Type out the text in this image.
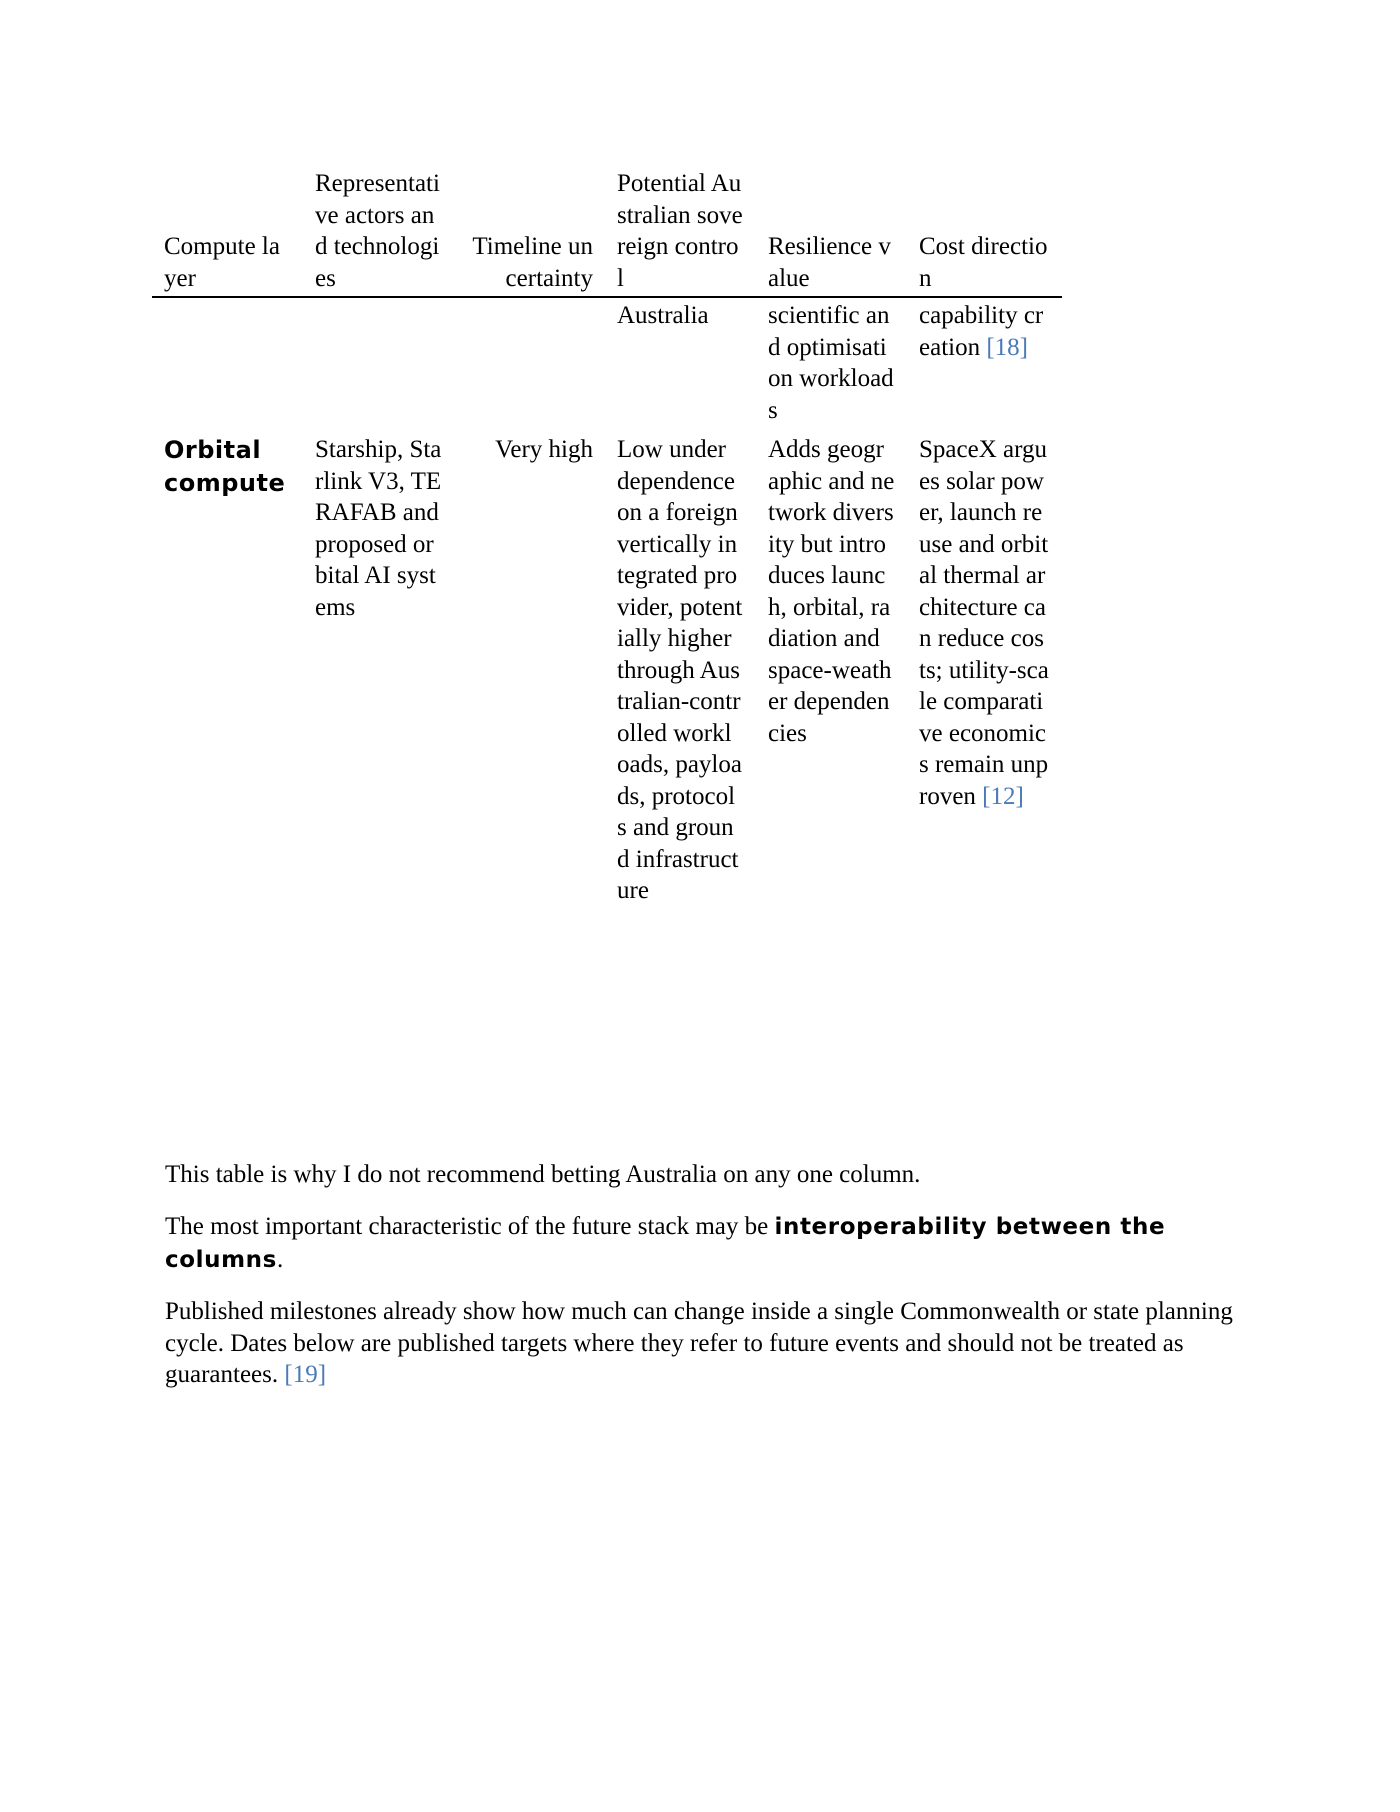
Compute layer	Representative actors and technologies	Timeline uncertainty	Potential Australian sovereign control	Resilience value	Cost direction
			Australia	scientific and optimisation workloads	capability creation [18]
Orbital compute	Starship, Starlink V3, TERAFAB and proposed orbital AI systems	Very high	Low under dependence on a foreign vertically integrated provider, potentially higher through Australian-controlled workloads, payloads, protocols and ground infrastructure	Adds geographic and network diversity but introduces launch, orbital, radiation and space-weather dependencies	SpaceX argues solar power, launch reuse and orbital thermal architecture can reduce costs; utility-scale comparative economics remain unproven [12]

This table is why I do not recommend betting Australia on any one column.

The most important characteristic of the future stack may be interoperability between the columns.

Published milestones already show how much can change inside a single Commonwealth or state planning cycle. Dates below are published targets where they refer to future events and should not be treated as guarantees. [19]
